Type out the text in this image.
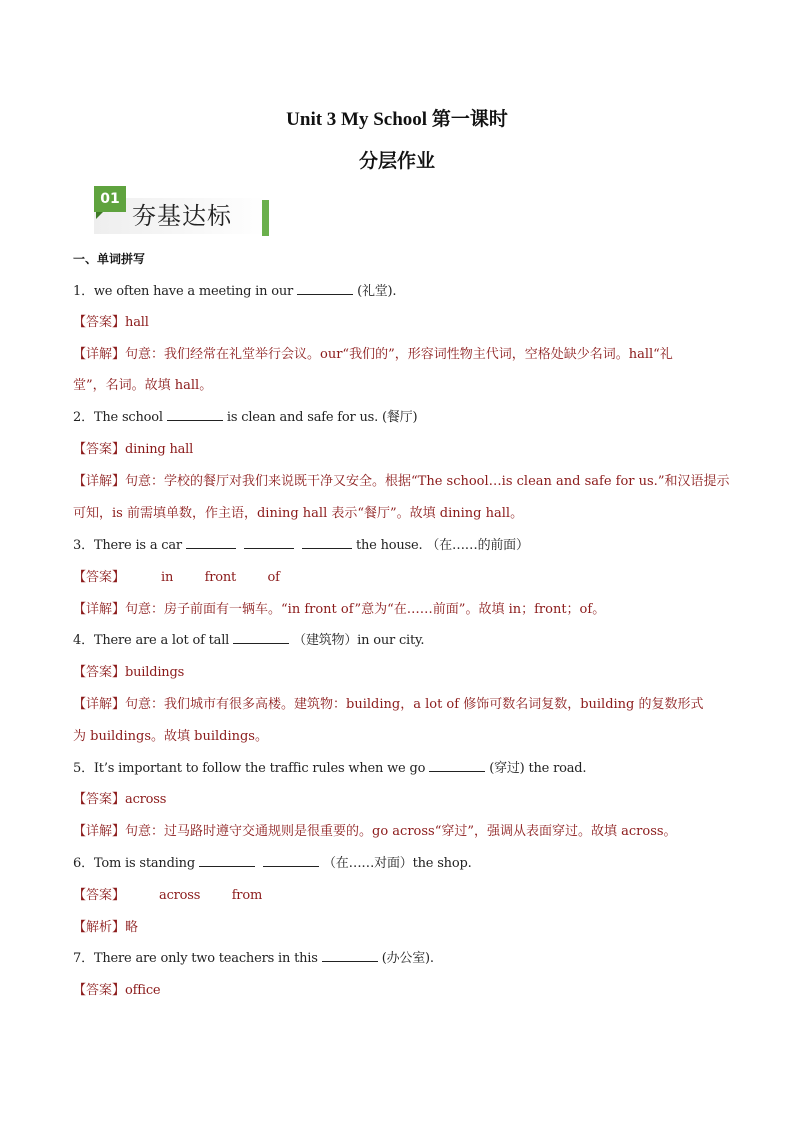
Unit 3 My School 第一课时
分层作业
01
夯基达标
一、单词拼写
1．we often have a meeting in our	(礼堂).
【答案】hall
【详解】句意：我们经常在礼堂举行会议。our“我们的”，形容词性物主代词，空格处缺少名词。hall“礼
堂”，名词。故填 hall。
2．The school	is clean and safe for us. (餐厅)
【答案】dining hall
【详解】句意：学校的餐厅对我们来说既干净又安全。根据“The school…is clean and safe for us.”和汉语提示
可知，is 前需填单数，作主语，dining hall 表示“餐厅”。故填 dining hall。
3．There is a car	the house. （在……的前面）
【答案】	in        front        of
【详解】句意：房子前面有一辆车。“in front of”意为“在……前面”。故填 in；front；of。
4．There are a lot of tall	（建筑物）in our city.
【答案】buildings
【详解】句意：我们城市有很多高楼。建筑物：building，a lot of 修饰可数名词复数，building 的复数形式
为 buildings。故填 buildings。
5．It’s important to follow the traffic rules when we go	(穿过) the road.
【答案】across
【详解】句意：过马路时遵守交通规则是很重要的。go across“穿过”，强调从表面穿过。故填 across。
6．Tom is standing	（在……对面）the shop.
【答案】	across        from
【解析】略
7．There are only two teachers in this	(办公室).
【答案】office
